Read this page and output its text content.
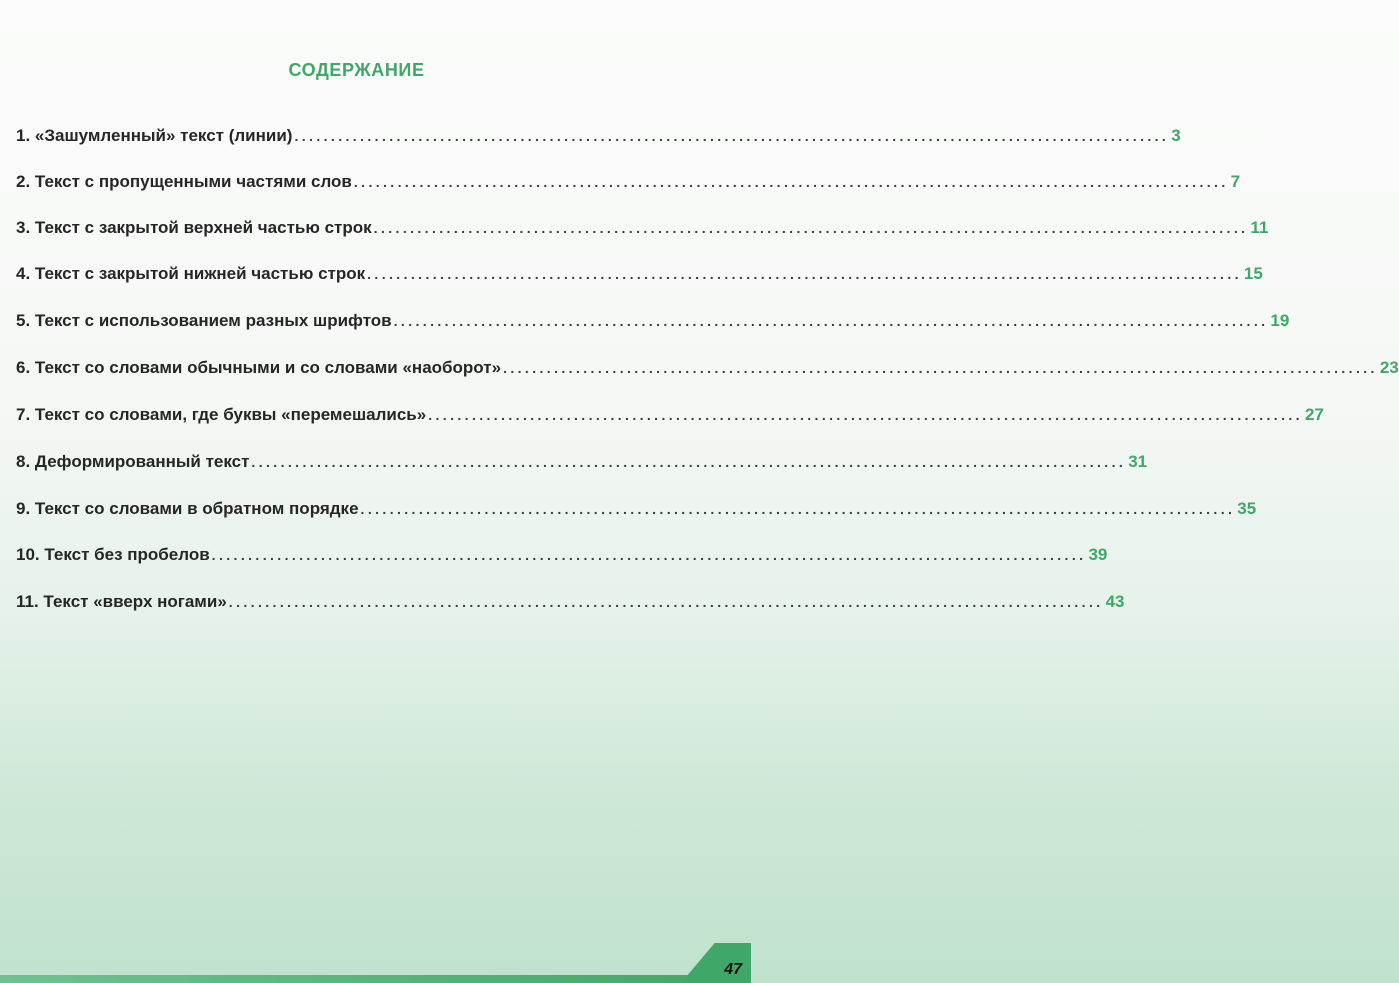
СОДЕРЖАНИЕ
1. «Зашумленный» текст (линии) ........................................................................................................................ 3
2. Текст с пропущенными частями слов ........................................................................................................................ 7
3. Текст с закрытой верхней частью строк ........................................................................................................................ 11
4. Текст с закрытой нижней частью строк ........................................................................................................................ 15
5. Текст с использованием разных шрифтов ........................................................................................................................ 19
6. Текст со словами обычными и со словами «наоборот» ........................................................................................................................ 23
7. Текст со словами, где буквы «перемешались» ........................................................................................................................ 27
8. Деформированный текст ........................................................................................................................ 31
9. Текст со словами в обратном порядке ........................................................................................................................ 35
10. Текст без пробелов ........................................................................................................................ 39
11. Текст «вверх ногами» ........................................................................................................................ 43
47
